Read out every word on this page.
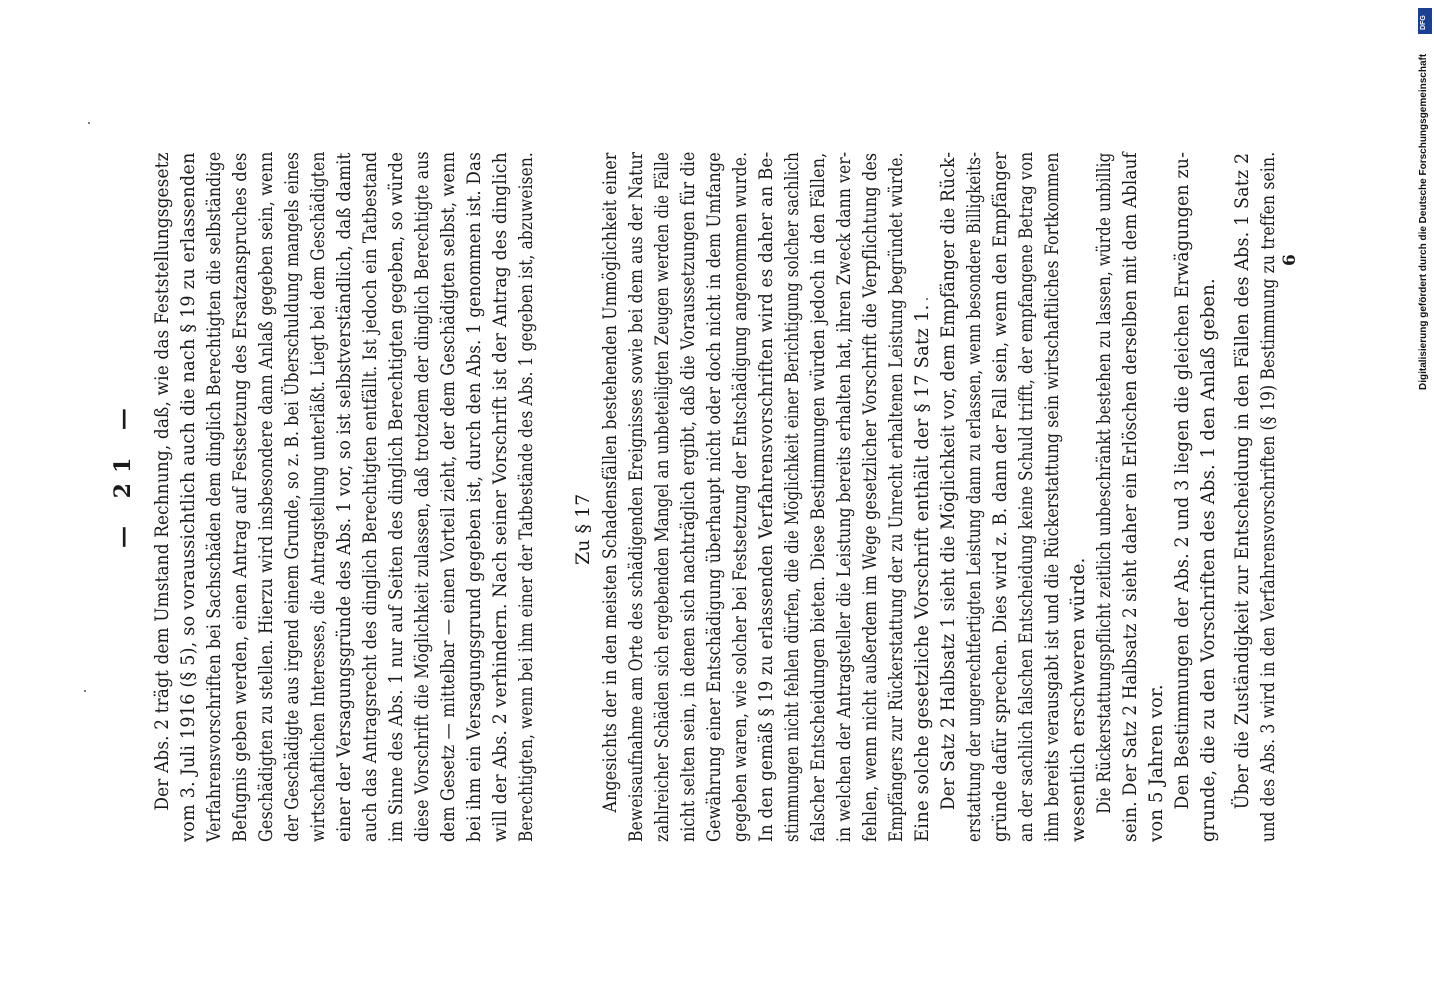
— 21 — Der Abs. 2 trägt dem Umstand Rechnung, daß, wie das Feststellungsgesetz vom 3. Juli 1916 (§ 5), so voraussichtlich auch die nach § 19 zu erlassenden Verfahrensvorschriften bei Sachschäden dem dinglich Berechtigten die selbständige Befugnis geben werden, einen Antrag auf Festsetzung des Ersatzanspruches des Geschädigten zu stellen. Hierzu wird insbesondere dann Anlaß gegeben sein, wenn der Geschädigte aus irgend einem Grunde, so z. B. bei Überschuldung mangels eines wirtschaftlichen Interesses, die Antragstellung unterläßt. Liegt bei dem Geschädigten einer der Versagungsgründe des Abs. 1 vor, so ist selbstverständlich, daß damit auch das Antragsrecht des dinglich Berechtigten entfällt. Ist jedoch ein Tatbestand im Sinne des Abs. 1 nur auf Seiten des dinglich Berechtigten gegeben, so würde diese Vorschrift die Möglichkeit zulassen, daß trotzdem der dinglich Berechtigte aus dem Gesetz — mittelbar — einen Vorteil zieht, der dem Geschädigten selbst, wenn bei ihm ein Versagungsgrund gegeben ist, durch den Abs. 1 genommen ist. Das will der Abs. 2 verhindern. Nach seiner Vorschrift ist der Antrag des dinglich Berechtigten, wenn bei ihm einer der Tatbestände des Abs. 1 gegeben ist, abzuweisen. Zu § 17 Angesichts der in den meisten Schadensfällen bestehenden Unmöglichkeit einer Beweisaufnahme am Orte des schädigenden Ereignisses sowie bei dem aus der Natur zahlreicher Schäden sich ergebenden Mangel an unbeteiligten Zeugen werden die Fälle nicht selten sein, in denen sich nachträglich ergibt, daß die Voraussetzungen für die Gewährung einer Entschädigung überhaupt nicht oder doch nicht in dem Umfange gegeben waren, wie solcher bei Festsetzung der Entschädigung angenommen wurde. In den gemäß § 19 zu erlassenden Verfahrensvorschriften wird es daher an Be- stimmungen nicht fehlen dürfen, die die Möglichkeit einer Berichtigung solcher sachlich falscher Entscheidungen bieten. Diese Bestimmungen würden jedoch in den Fällen, in welchen der Antragsteller die Leistung bereits erhalten hat, ihren Zweck dann ver- fehlen, wenn nicht außerdem im Wege gesetzlicher Vorschrift die Verpflichtung des Empfängers zur Rückerstattung der zu Unrecht erhaltenen Leistung begründet würde. Eine solche gesetzliche Vorschrift enthält der § 17 Satz 1. Der Satz 2 Halbsatz 1 sieht die Möglichkeit vor, dem Empfänger die Rück- erstattung der ungerechtfertigten Leistung dann zu erlassen, wenn besondere Billigkeits- gründe dafür sprechen. Dies wird z. B. dann der Fall sein, wenn den Empfänger an der sachlich falschen Entscheidung keine Schuld trifft, der empfangene Betrag von ihm bereits verausgabt ist und die Rückerstattung sein wirtschaftliches Fortkommen wesentlich erschweren würde. Die Rückerstattungspflicht zeitlich unbeschränkt bestehen zu lassen, würde unbillig sein. Der Satz 2 Halbsatz 2 sieht daher ein Erlöschen derselben mit dem Ablauf von 5 Jahren vor. Den Bestimmungen der Abs. 2 und 3 liegen die gleichen Erwägungen zu- grunde, die zu den Vorschriften des Abs. 1 den Anlaß geben. Über die Zuständigkeit zur Entscheidung in den Fällen des Abs. 1 Satz 2 und des Abs. 3 wird in den Verfahrensvorschriften (§ 19) Bestimmung zu treffen sein. 6
DFG
Digitalisierung gefördert durch die Deutsche Forschungsgemeinschaft
